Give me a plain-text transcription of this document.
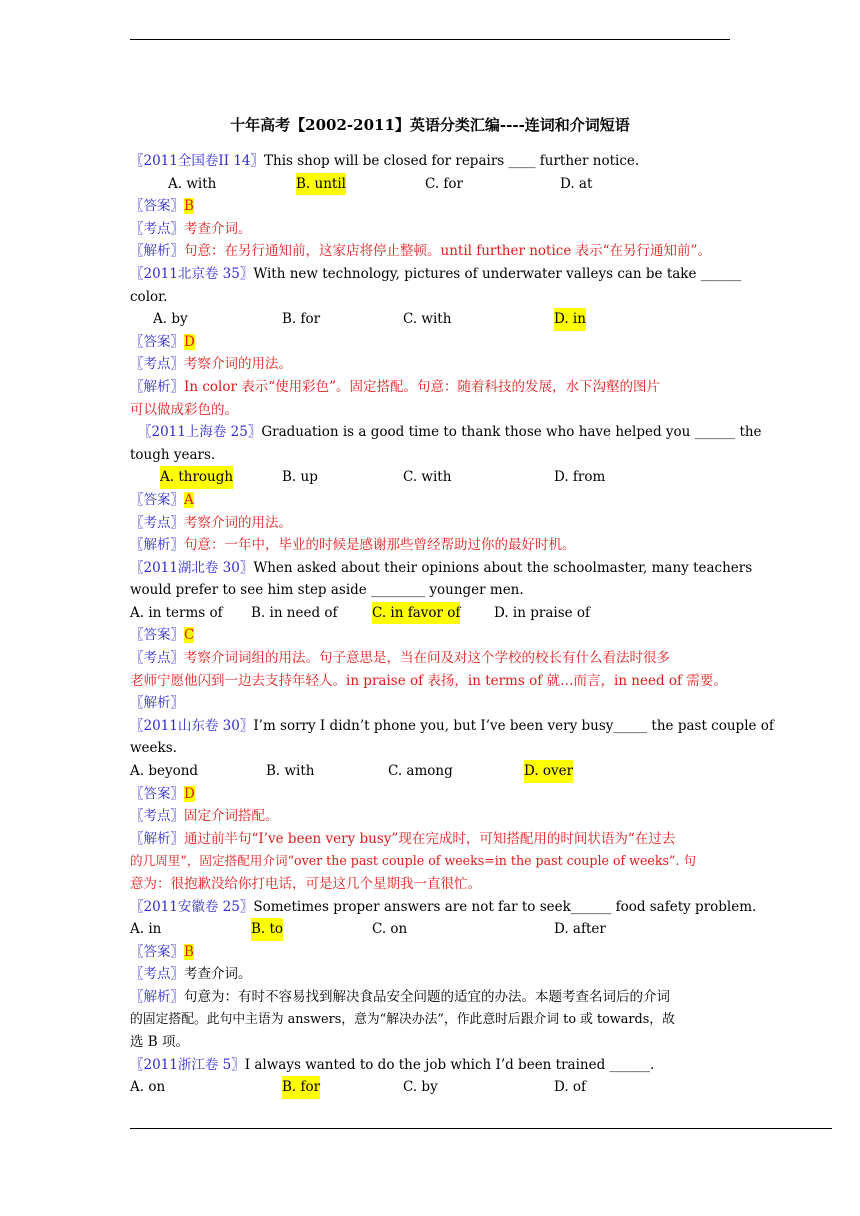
十年高考【2002-2011】英语分类汇编----连词和介词短语
〖2011全国卷II 14〗This shop will be closed for repairs ____ further notice.
A. with	B. until	C. for	D. at
〖答案〗B
〖考点〗考查介词。
〖解析〗句意：在另行通知前，这家店将停止整顿。until further notice 表示“在另行通知前”。
〖2011北京卷 35〗With new technology, pictures of underwater valleys can be take ______
color.
A. by	B. for	C. with	D. in
〖答案〗D
〖考点〗考察介词的用法。
〖解析〗In color 表示“使用彩色”。固定搭配。句意：随着科技的发展，水下沟壑的图片
可以做成彩色的。
〖2011上海卷 25〗Graduation is a good time to thank those who have helped you ______ the
tough years.
A. through	B. up	C. with	D. from
〖答案〗A
〖考点〗考察介词的用法。
〖解析〗句意：一年中，毕业的时候是感谢那些曾经帮助过你的最好时机。
〖2011湖北卷 30〗When asked about their opinions about the schoolmaster, many teachers
would prefer to see him step aside ________ younger men.
A. in terms of B. in need of	C. in favor of D. in praise of
〖答案〗C
〖考点〗考察介词词组的用法。句子意思是，当在问及对这个学校的校长有什么看法时很多
老师宁愿他闪到一边去支持年轻人。in praise of 表扬，in terms of 就…而言，in need of 需要。
〖解析〗
〖2011山东卷 30〗I’m sorry I didn’t phone you, but I’ve been very busy_____ the past couple of
weeks.
A. beyond	B. with	C. among	D. over
〖答案〗D
〖考点〗固定介词搭配。
〖解析〗通过前半句“I’ve been very busy”现在完成时，可知搭配用的时间状语为“在过去
的几周里”，固定搭配用介词“over the past couple of weeks=in the past couple of weeks”. 句
意为：很抱歉没给你打电话，可是这几个星期我一直很忙。
〖2011安徽卷 25〗Sometimes proper answers are not far to seek______ food safety problem.
A. in	B. to	C. on	D. after
〖答案〗B
〖考点〗考查介词。
〖解析〗句意为：有时不容易找到解决食品安全问题的适宜的办法。本题考查名词后的介词
的固定搭配。此句中主语为 answers，意为“解决办法”，作此意时后跟介词 to 或 towards，故
选 B 项。
〖2011浙江卷 5〗I always wanted to do the job which I’d been trained ______.
A. on	B. for	C. by	D. of
